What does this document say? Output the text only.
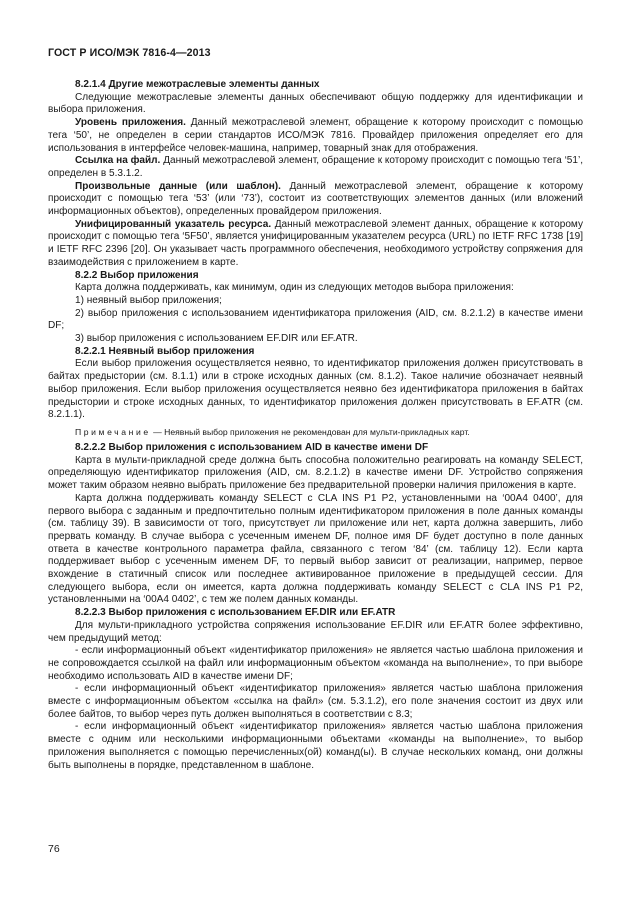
ГОСТ Р ИСО/МЭК 7816-4—2013

8.2.1.4 Другие межотраслевые элементы данных

Следующие межотраслевые элементы данных обеспечивают общую поддержку для идентификации и выбора приложения.

Уровень приложения. Данный межотраслевой элемент, обращение к которому происходит с помощью тега ‘50’, не определен в серии стандартов ИСО/МЭК 7816. Провайдер приложения определяет его для использования в интерфейсе человек-машина, например, товарный знак для отображения.

Ссылка на файл. Данный межотраслевой элемент, обращение к которому происходит с помощью тега ‘51’, определен в 5.3.1.2.

Произвольные данные (или шаблон). Данный межотраслевой элемент, обращение к которому происходит с помощью тега ‘53’ (или ‘73’), состоит из соответствующих элементов данных (или вложений информационных объектов), определенных провайдером приложения.

Унифицированный указатель ресурса. Данный межотраслевой элемент данных, обращение к которому происходит с помощью тега ‘5F50’, является унифицированным указателем ресурса (URL) по IETF RFC 1738 [19] и IETF RFC 2396 [20]. Он указывает часть программного обеспечения, необходимого устройству сопряжения для взаимодействия с приложением в карте.

8.2.2 Выбор приложения

Карта должна поддерживать, как минимум, один из следующих методов выбора приложения:

1) неявный выбор приложения;

2) выбор приложения с использованием идентификатора приложения (AID, см. 8.2.1.2) в качестве имени DF;

3) выбор приложения с использованием EF.DIR или EF.ATR.

8.2.2.1 Неявный выбор приложения

Если выбор приложения осуществляется неявно, то идентификатор приложения должен присутствовать в байтах предыстории (см. 8.1.1) или в строке исходных данных (см. 8.1.2). Такое наличие обозначает неявный выбор приложения. Если выбор приложения осуществляется неявно без идентификатора приложения в байтах предыстории и строке исходных данных, то идентификатор приложения должен присутствовать в EF.ATR (см. 8.2.1.1).

Примечание — Неявный выбор приложения не рекомендован для мульти-прикладных карт.

8.2.2.2 Выбор приложения с использованием AID в качестве имени DF

Карта в мульти-прикладной среде должна быть способна положительно реагировать на команду SELECT, определяющую идентификатор приложения (AID, см. 8.2.1.2) в качестве имени DF. Устройство сопряжения может таким образом неявно выбрать приложение без предварительной проверки наличия приложения в карте.

Карта должна поддерживать команду SELECT с CLA INS P1 P2, установленными на ‘00A4 0400’, для первого выбора с заданным и предпочтительно полным идентификатором приложения в поле данных команды (см. таблицу 39). В зависимости от того, присутствует ли приложение или нет, карта должна завершить, либо прервать команду. В случае выбора с усеченным именем DF, полное имя DF будет доступно в поле данных ответа в качестве контрольного параметра файла, связанного с тегом ‘84’ (см. таблицу 12). Если карта поддерживает выбор с усеченным именем DF, то первый выбор зависит от реализации, например, первое вхождение в статичный список или последнее активированное приложение в предыдущей сессии. Для следующего выбора, если он имеется, карта должна поддерживать команду SELECT с CLA INS P1 P2, установленными на ‘00A4 0402’, с тем же полем данных команды.

8.2.2.3 Выбор приложения с использованием EF.DIR или EF.ATR

Для мульти-прикладного устройства сопряжения использование EF.DIR или EF.ATR более эффективно, чем предыдущий метод:

- если информационный объект «идентификатор приложения» не является частью шаблона приложения и не сопровождается ссылкой на файл или информационным объектом «команда на выполнение», то при выборе необходимо использовать AID в качестве имени DF;

- если информационный объект «идентификатор приложения» является частью шаблона приложения вместе с информационным объектом «ссылка на файл» (см. 5.3.1.2), его поле значения состоит из двух или более байтов, то выбор через путь должен выполняться в соответствии с 8.3;

- если информационный объект «идентификатор приложения» является частью шаблона приложения вместе с одним или несколькими информационными объектами «команды на выполнение», то выбор приложения выполняется с помощью перечисленных(ой) команд(ы). В случае нескольких команд, они должны быть выполнены в порядке, представленном в шаблоне.

76
